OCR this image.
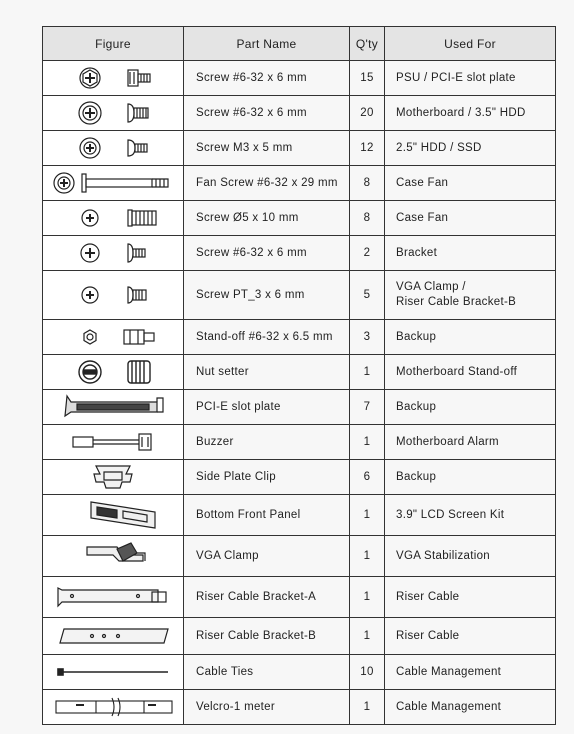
Figure	Part Name	Q'ty	Used For

	Screw #6-32 x 6 mm	15	PSU / PCI-E slot plate

	Screw #6-32 x 6 mm	20	Motherboard / 3.5" HDD

	Screw M3 x 5 mm	12	2.5" HDD / SSD

	Fan Screw #6-32 x 29 mm	8	Case Fan

	Screw Ø5 x 10 mm	8	Case Fan

	Screw #6-32 x 6 mm	2	Bracket

	Screw PT_3 x 6 mm	5	VGA Clamp /
Riser Cable Bracket-B

	Stand-off #6-32 x 6.5 mm	3	Backup

	Nut setter	1	Motherboard Stand-off

	PCI-E slot plate	7	Backup

	Buzzer	1	Motherboard Alarm

	Side Plate Clip	6	Backup

	Bottom Front Panel	1	3.9" LCD Screen Kit

	VGA Clamp	1	VGA Stabilization

	Riser Cable Bracket-A	1	Riser Cable

	Riser Cable Bracket-B	1	Riser Cable

	Cable Ties	10	Cable Management

	Velcro-1 meter	1	Cable Management
